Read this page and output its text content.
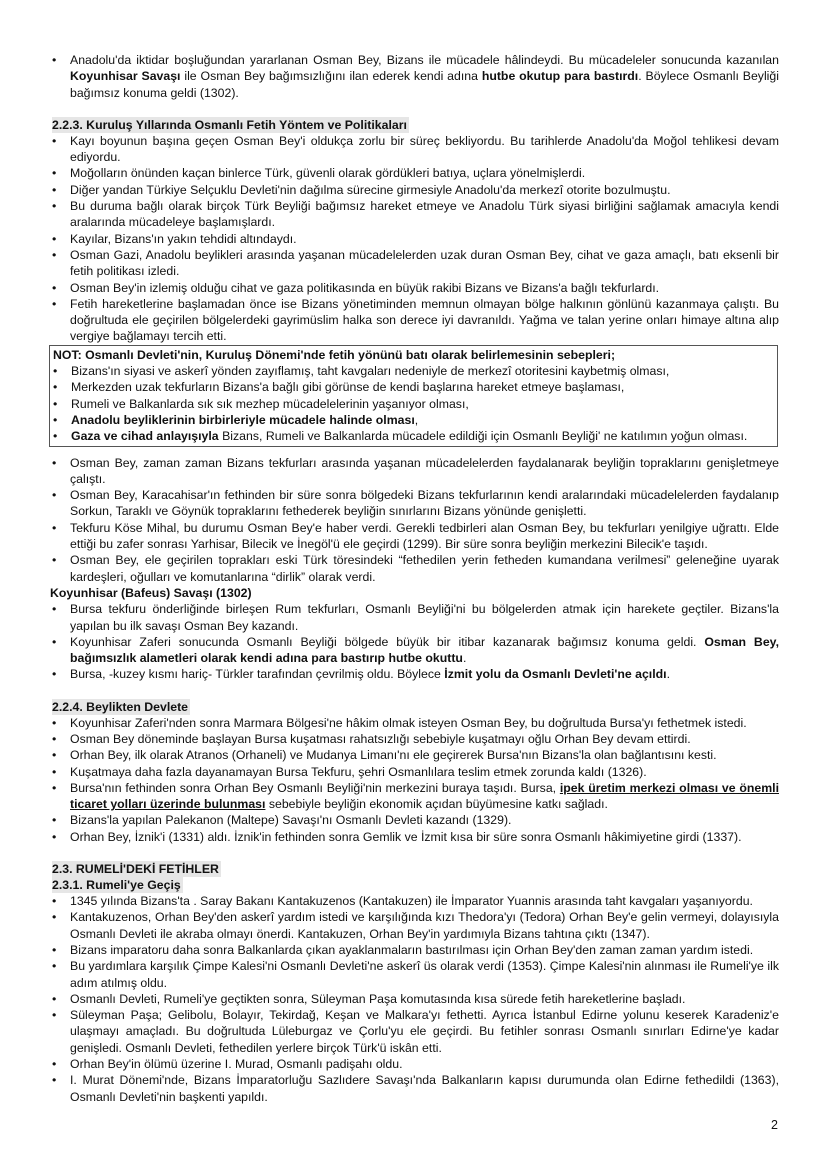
• Anadolu'da iktidar boşluğundan yararlanan Osman Bey, Bizans ile mücadele hâlindeydi. Bu mücadeleler sonucunda kazanılan Koyunhisar Savaşı ile Osman Bey bağımsızlığını ilan ederek kendi adına hutbe okutup para bastırdı. Böylece Osmanlı Beyliği bağımsız konuma geldi (1302).
2.2.3. Kuruluş Yıllarında Osmanlı Fetih Yöntem ve Politikaları
• Kayı boyunun başına geçen Osman Bey'i oldukça zorlu bir süreç bekliyordu. Bu tarihlerde Anadolu'da Moğol tehlikesi devam ediyordu.
• Moğolların önünden kaçan binlerce Türk, güvenli olarak gördükleri batıya, uçlara yönelmişlerdi.
• Diğer yandan Türkiye Selçuklu Devleti'nin dağılma sürecine girmesiyle Anadolu'da merkezî otorite bozulmuştu.
• Bu duruma bağlı olarak birçok Türk Beyliği bağımsız hareket etmeye ve Anadolu Türk siyasi birliğini sağlamak amacıyla kendi aralarında mücadeleye başlamışlardı.
• Kayılar, Bizans'ın yakın tehdidi altındaydı.
• Osman Gazi, Anadolu beylikleri arasında yaşanan mücadelelerden uzak duran Osman Bey, cihat ve gaza amaçlı, batı eksenli bir fetih politikası izledi.
• Osman Bey'in izlemiş olduğu cihat ve gaza politikasında en büyük rakibi Bizans ve Bizans'a bağlı tekfurlardı.
• Fetih hareketlerine başlamadan önce ise Bizans yönetiminden memnun olmayan bölge halkının gönlünü kazanmaya çalıştı. Bu doğrultuda ele geçirilen bölgelerdeki gayrimüslim halka son derece iyi davranıldı. Yağma ve talan yerine onları himaye altına alıp vergiye bağlamayı tercih etti.
NOT: Osmanlı Devleti'nin, Kuruluş Dönemi'nde fetih yönünü batı olarak belirlemesinin sebepleri;
• Bizans'ın siyasi ve askerî yönden zayıflamış, taht kavgaları nedeniyle de merkezî otoritesini kaybetmiş olması,
• Merkezden uzak tekfurların Bizans'a bağlı gibi görünse de kendi başlarına hareket etmeye başlaması,
• Rumeli ve Balkanlarda sık sık mezhep mücadelelerinin yaşanıyor olması,
• Anadolu beyliklerinin birbirleriyle mücadele halinde olması,
• Gaza ve cihad anlayışıyla Bizans, Rumeli ve Balkanlarda mücadele edildiği için Osmanlı Beyliği' ne katılımın yoğun olması.
• Osman Bey, zaman zaman Bizans tekfurları arasında yaşanan mücadelelerden faydalanarak beyliğin topraklarını genişletmeye çalıştı.
• Osman Bey, Karacahisar'ın fethinden bir süre sonra bölgedeki Bizans tekfurlarının kendi aralarındaki mücadelelerden faydalanıp Sorkun, Taraklı ve Göynük topraklarını fethederek beyliğin sınırlarını Bizans yönünde genişletti.
• Tekfuru Köse Mihal, bu durumu Osman Bey'e haber verdi. Gerekli tedbirleri alan Osman Bey, bu tekfurları yenilgiye uğrattı. Elde ettiği bu zafer sonrası Yarhisar, Bilecik ve İnegöl'ü ele geçirdi (1299). Bir süre sonra beyliğin merkezini Bilecik'e taşıdı.
• Osman Bey, ele geçirilen toprakları eski Türk töresindeki “fethedilen yerin fetheden kumandana verilmesi” geleneğine uyarak kardeşleri, oğulları ve komutanlarına “dirlik” olarak verdi.
Koyunhisar (Bafeus) Savaşı (1302)
• Bursa tekfuru önderliğinde birleşen Rum tekfurları, Osmanlı Beyliği'ni bu bölgelerden atmak için harekete geçtiler. Bizans'la yapılan bu ilk savaşı Osman Bey kazandı.
• Koyunhisar Zaferi sonucunda Osmanlı Beyliği bölgede büyük bir itibar kazanarak bağımsız konuma geldi. Osman Bey, bağımsızlık alametleri olarak kendi adına para bastırıp hutbe okuttu.
• Bursa, -kuzey kısmı hariç- Türkler tarafından çevrilmiş oldu. Böylece İzmit yolu da Osmanlı Devleti'ne açıldı.
2.2.4. Beylikten Devlete
• Koyunhisar Zaferi'nden sonra Marmara Bölgesi'ne hâkim olmak isteyen Osman Bey, bu doğrultuda Bursa'yı fethetmek istedi.
• Osman Bey döneminde başlayan Bursa kuşatması rahatsızlığı sebebiyle kuşatmayı oğlu Orhan Bey devam ettirdi.
• Orhan Bey, ilk olarak Atranos (Orhaneli) ve Mudanya Limanı'nı ele geçirerek Bursa'nın Bizans'la olan bağlantısını kesti.
• Kuşatmaya daha fazla dayanamayan Bursa Tekfuru, şehri Osmanlılara teslim etmek zorunda kaldı (1326).
• Bursa'nın fethinden sonra Orhan Bey Osmanlı Beyliği'nin merkezini buraya taşıdı. Bursa, ipek üretim merkezi olması ve önemli ticaret yolları üzerinde bulunması sebebiyle beyliğin ekonomik açıdan büyümesine katkı sağladı.
• Bizans'la yapılan Palekanon (Maltepe) Savaşı'nı Osmanlı Devleti kazandı (1329).
• Orhan Bey, İznik'i (1331) aldı. İznik'in fethinden sonra Gemlik ve İzmit kısa bir süre sonra Osmanlı hâkimiyetine girdi (1337).
2.3. RUMELİ'DEKİ FETİHLER
2.3.1. Rumeli'ye Geçiş
• 1345 yılında Bizans'ta . Saray Bakanı Kantakuzenos (Kantakuzen) ile İmparator Yuannis arasında taht kavgaları yaşanıyordu.
• Kantakuzenos, Orhan Bey'den askerî yardım istedi ve karşılığında kızı Thedora'yı (Tedora) Orhan Bey'e gelin vermeyi, dolayısıyla Osmanlı Devleti ile akraba olmayı önerdi. Kantakuzen, Orhan Bey'in yardımıyla Bizans tahtına çıktı (1347).
• Bizans imparatoru daha sonra Balkanlarda çıkan ayaklanmaların bastırılması için Orhan Bey'den zaman zaman yardım istedi.
• Bu yardımlara karşılık Çimpe Kalesi'ni Osmanlı Devleti'ne askerî üs olarak verdi (1353). Çimpe Kalesi'nin alınması ile Rumeli'ye ilk adım atılmış oldu.
• Osmanlı Devleti, Rumeli'ye geçtikten sonra, Süleyman Paşa komutasında kısa sürede fetih hareketlerine başladı.
• Süleyman Paşa; Gelibolu, Bolayır, Tekirdağ, Keşan ve Malkara'yı fethetti. Ayrıca İstanbul Edirne yolunu keserek Karadeniz'e ulaşmayı amaçladı. Bu doğrultuda Lüleburgaz ve Çorlu'yu ele geçirdi. Bu fetihler sonrası Osmanlı sınırları Edirne'ye kadar genişledi. Osmanlı Devleti, fethedilen yerlere birçok Türk'ü iskân etti.
• Orhan Bey'in ölümü üzerine I. Murad, Osmanlı padişahı oldu.
• I. Murat Dönemi'nde, Bizans İmparatorluğu Sazlıdere Savaşı'nda Balkanların kapısı durumunda olan Edirne fethedildi (1363), Osmanlı Devleti'nin başkenti yapıldı.
2
